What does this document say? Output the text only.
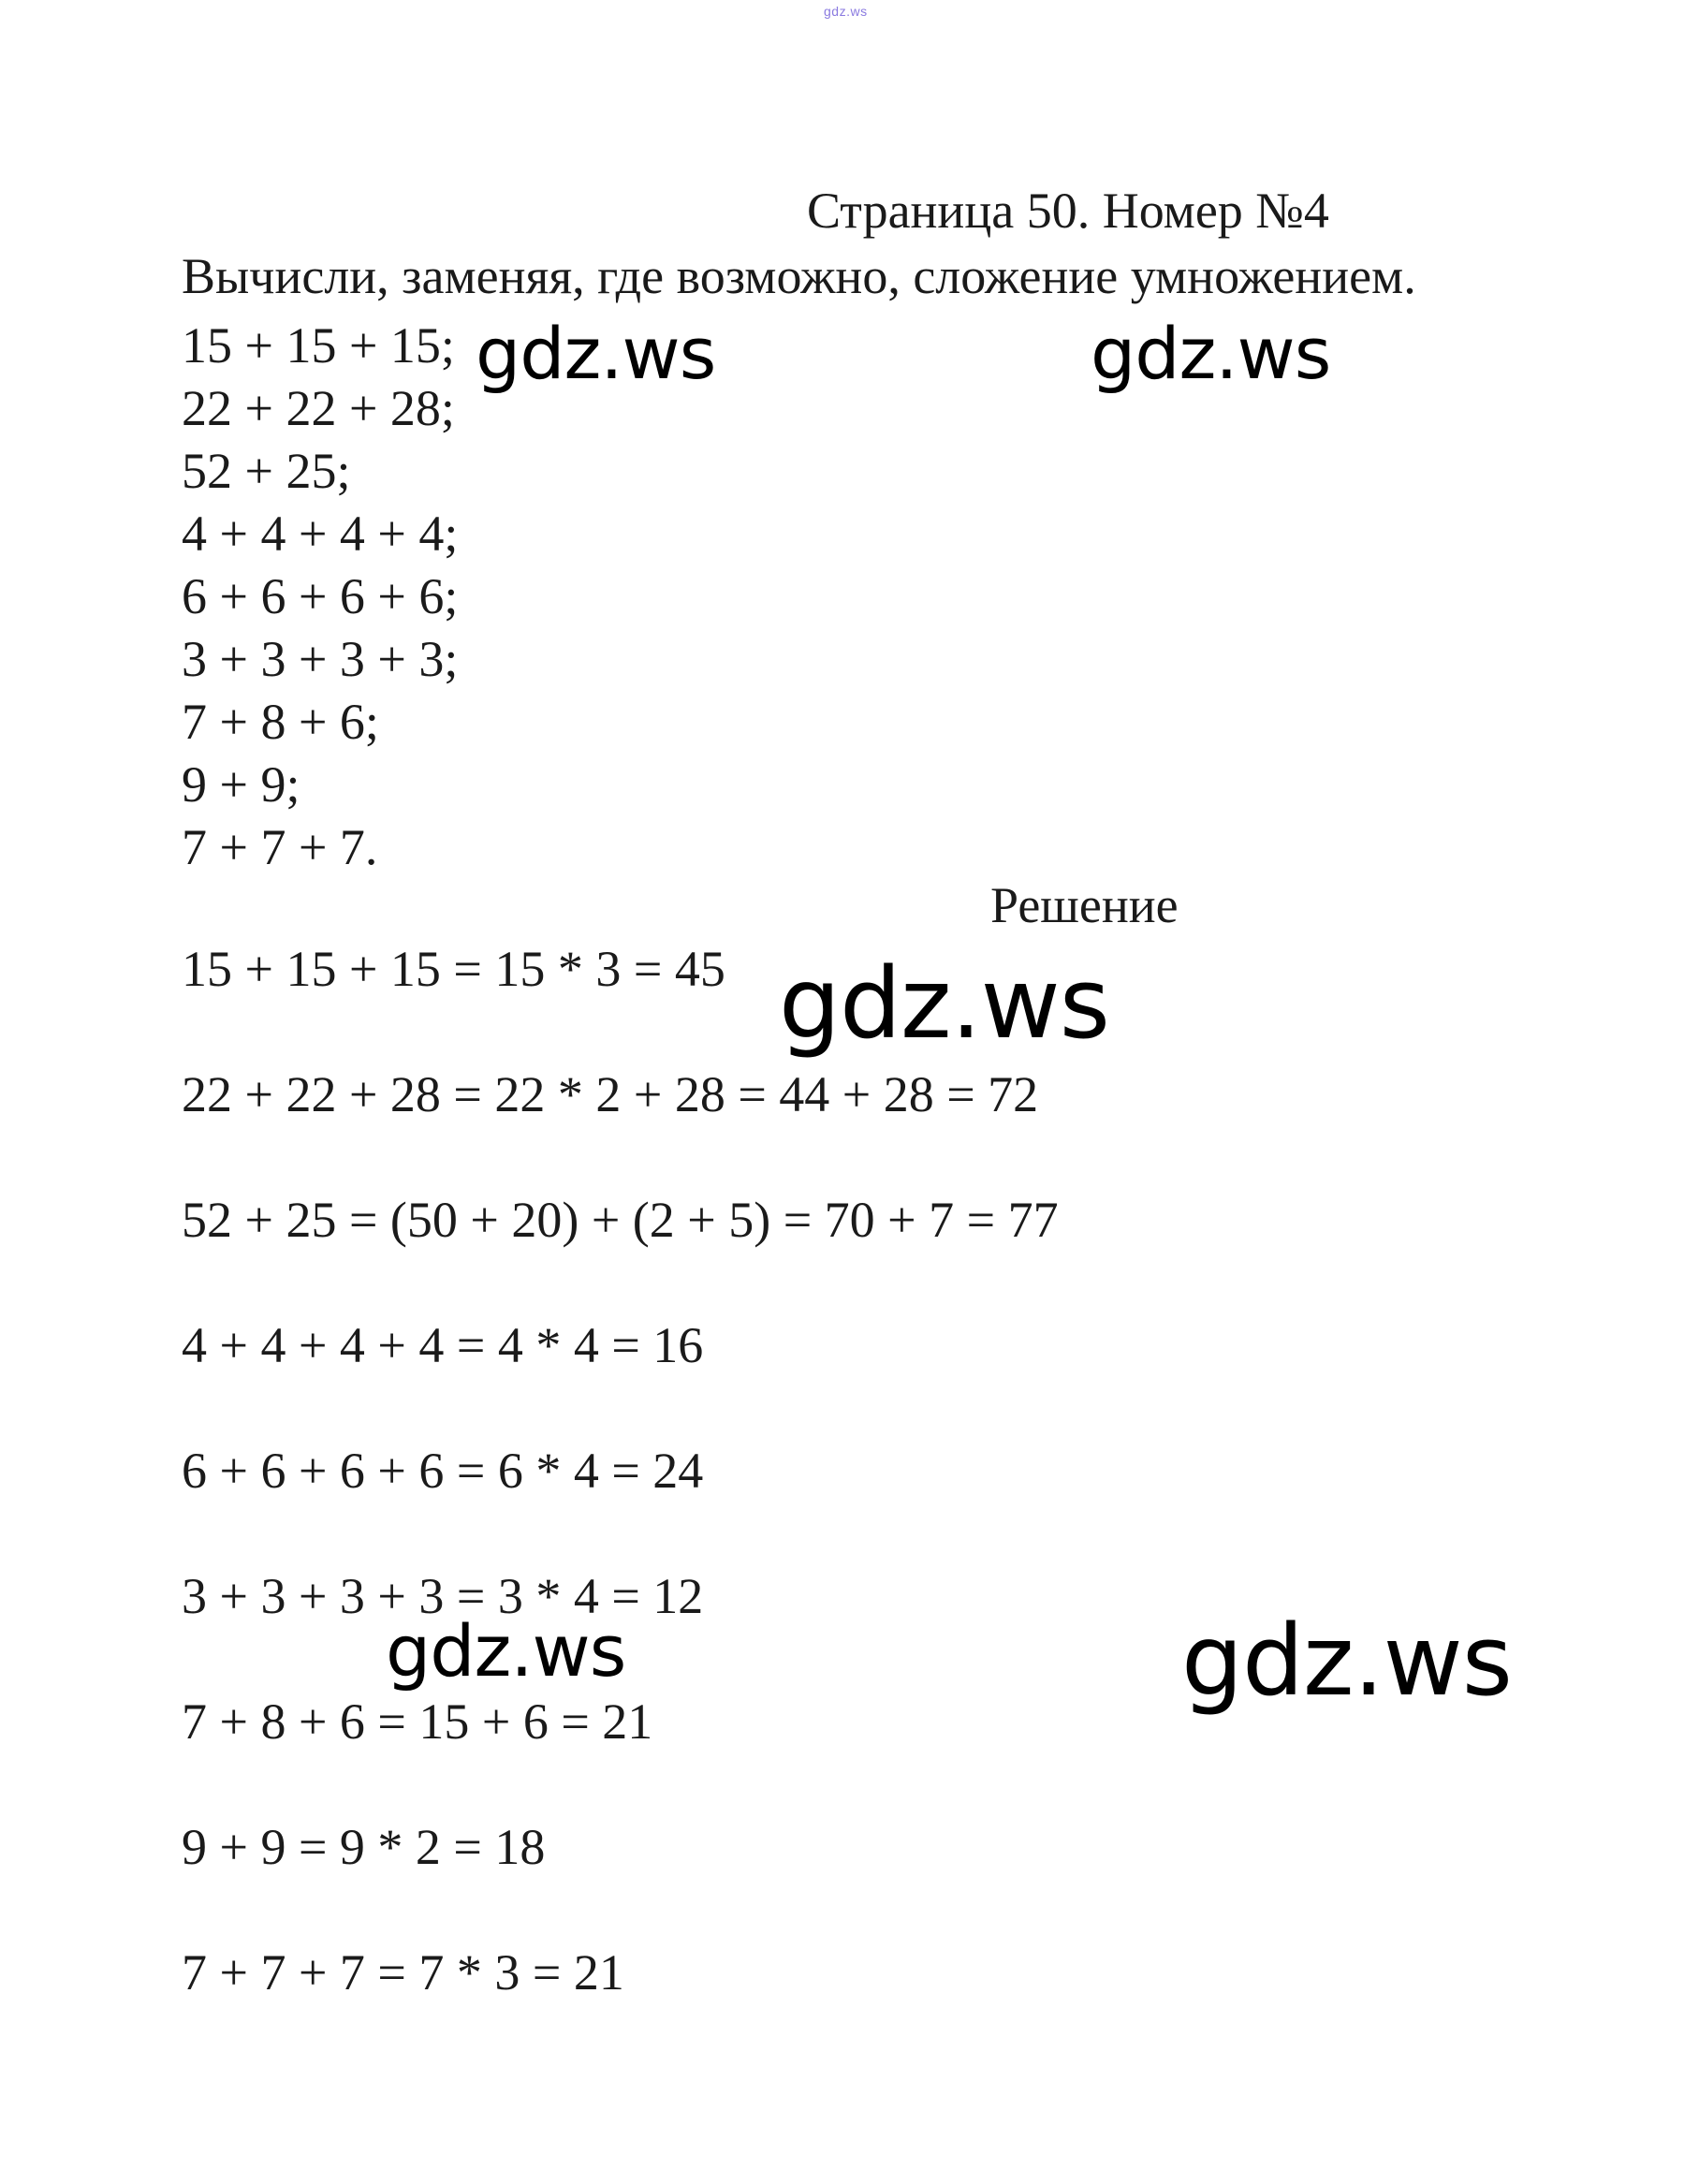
gdz.ws
Страница 50. Номер №4
Вычисли, заменяя, где возможно, сложение умножением.
15 + 15 + 15;
22 + 22 + 28;
52 + 25;
4 + 4 + 4 + 4;
6 + 6 + 6 + 6;
3 + 3 + 3 + 3;
7 + 8 + 6;
9 + 9;
7 + 7 + 7.
Решение
15 + 15 + 15 = 15 * 3 = 45
22 + 22 + 28 = 22 * 2 + 28 = 44 + 28 = 72
52 + 25 = (50 + 20) + (2 + 5) = 70 + 7 = 77
4 + 4 + 4 + 4 = 4 * 4 = 16
6 + 6 + 6 + 6 = 6 * 4 = 24
3 + 3 + 3 + 3 = 3 * 4 = 12
7 + 8 + 6 = 15 + 6 = 21
9 + 9 = 9 * 2 = 18
7 + 7 + 7 = 7 * 3 = 21
gdz.ws	gdz.ws
gdz.ws
gdz.ws	gdz.ws
